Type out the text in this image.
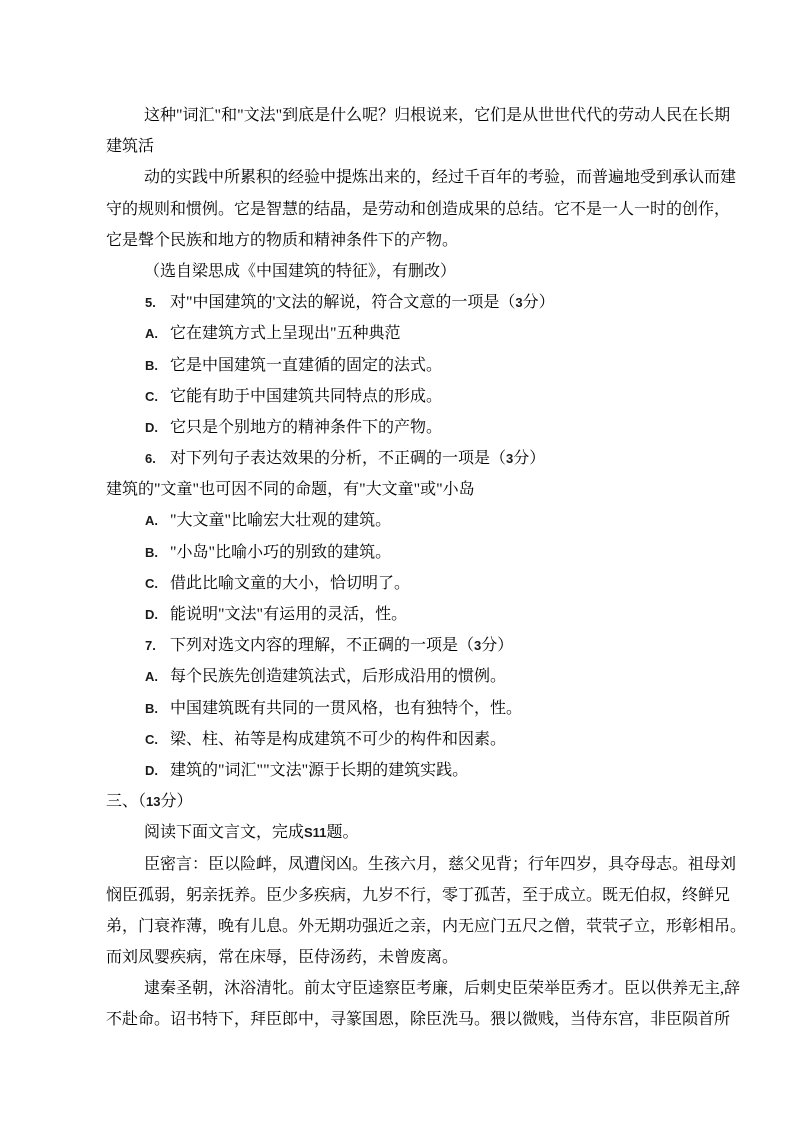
这种"词汇"和"文法"到底是什么呢？归根说来，它们是从世世代代的劳动人民在长期
建筑活
动的实践中所累积的经验中提炼出来的，经过千百年的考验，而普遍地受到承认而建
守的规则和惯例。它是智慧的结晶，是劳动和创造成果的总结。它不是一人一时的创作，
它是聲个民族和地方的物质和精神条件下的产物。
（选自梁思成《中国建筑的特征》，有删改）
5. 对"中国建筑的'文法的解说，符合文意的一项是（3分）
A. 它在建筑方式上呈现出"五种典范
B. 它是中国建筑一直建循的固定的法式。
C. 它能有助于中国建筑共同特点的形成。
D. 它只是个别地方的精神条件下的产物。
6. 对下列句子表达效果的分析，不正碉的一项是（3分）
建筑的"文童"也可因不同的命题，有"大文童"或"小岛
A. "大文童"比喻宏大壮观的建筑。
B. "小岛"比喻小巧的别致的建筑。
C. 借此比喻文童的大小，恰切明了。
D. 能说明"文法"有运用的灵活，性。
7. 下列对选文内容的理解，不正碉的一项是（3分）
A. 每个民族先创造建筑法式，后形成沿用的惯例。
B. 中国建筑既有共同的一贯风格，也有独特个，性。
C. 梁、柱、祐等是构成建筑不可少的构件和因素。
D. 建筑的"词汇""文法"源于长期的建筑实践。
三、（13分）
阅读下面文言文，完成S11题。
臣密言：臣以险衅，凤遭闵凶。生孩六月，慈父见背；行年四岁，具夺母志。祖母刘
悯臣孤弱，躬亲抚养。臣少多疾病，九岁不行，零丁孤苦，至于成立。既无伯叔，终鲜兄
弟，门衰祚薄，晚有儿息。外无期功强近之亲，内无应门五尺之僧，茕茕孑立，形彰相吊。
而刘凤婴疾病，常在床辱，臣侍汤药，未曾废离。
逮秦圣朝，沐浴清牝。前太守臣逵察臣考廉，后刺史臣荣举臣秀才。臣以供养无主,辞
不赴命。诏书特下，拜臣郎中，寻篆国恩，除臣洗马。猥以微贱，当侍东宫，非臣陨首所
